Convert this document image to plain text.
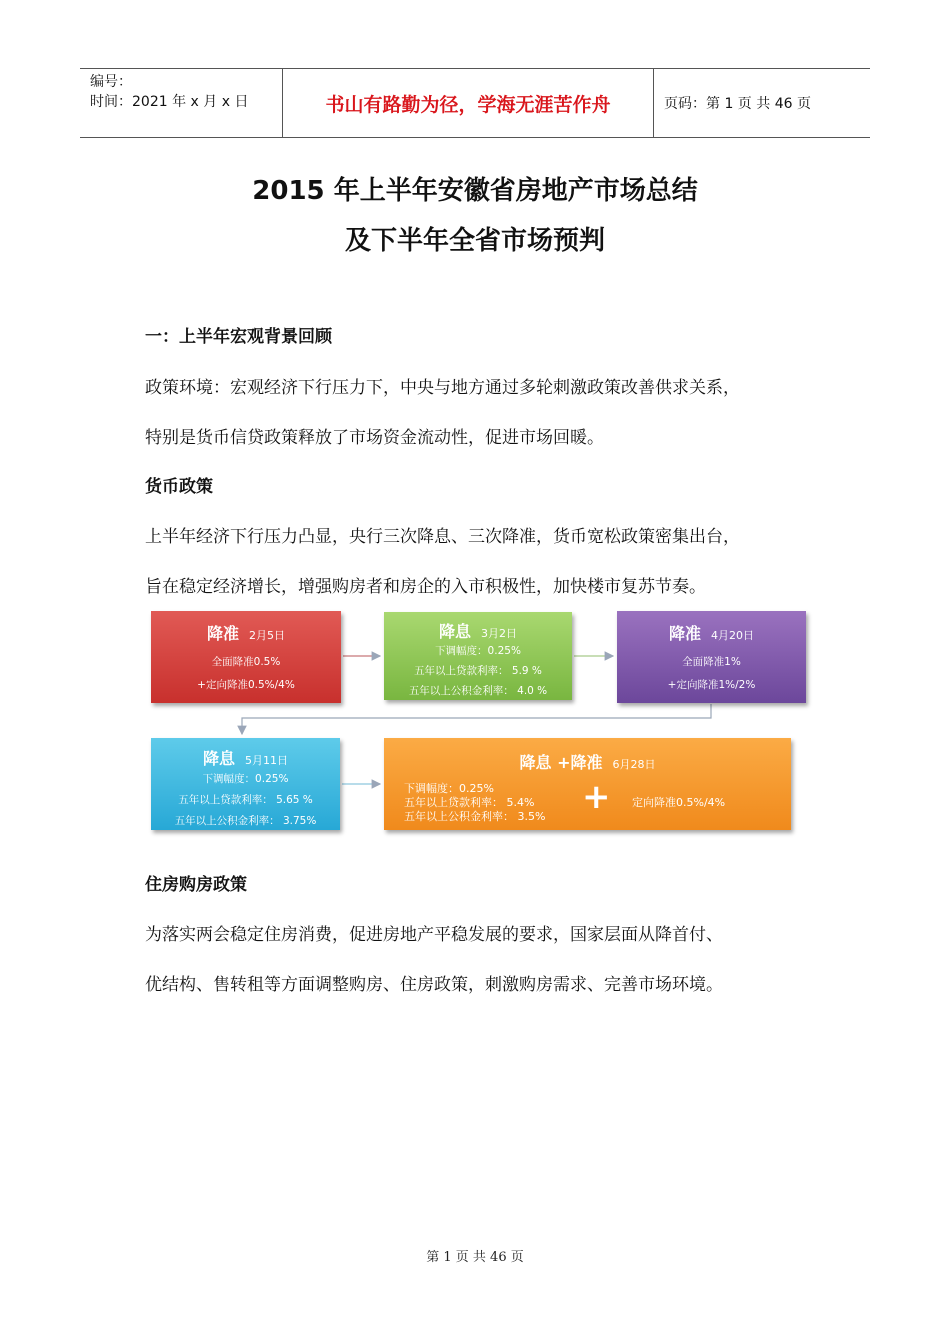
编号：
时间：2021 年 x 月 x 日	书山有路勤为径，学海无涯苦作舟	页码：第 1 页 共 46 页
2015 年上半年安徽省房地产市场总结
及下半年全省市场预判
一：上半年宏观背景回顾
政策环境：宏观经济下行压力下，中央与地方通过多轮刺激政策改善供求关系，
特别是货币信贷政策释放了市场资金流动性，促进市场回暖。
货币政策
上半年经济下行压力凸显，央行三次降息、三次降准，货币宽松政策密集出台，
旨在稳定经济增长，增强购房者和房企的入市积极性，加快楼市复苏节奏。
降准 2月5日
全面降准0.5%
+定向降准0.5%/4%
降息 3月2日
下调幅度：0.25%
五年以上贷款利率： 5.9 %
五年以上公积金利率： 4.0 %
降准 4月20日
全面降准1%
+定向降准1%/2%
降息 5月11日
下调幅度：0.25%
五年以上贷款利率： 5.65 %
五年以上公积金利率： 3.75%
降息 +降准 6月28日
下调幅度：0.25%
五年以上贷款利率： 5.4%
五年以上公积金利率： 3.5% + 定向降准0.5%/4%
住房购房政策
为落实两会稳定住房消费，促进房地产平稳发展的要求，国家层面从降首付、
优结构、售转租等方面调整购房、住房政策，刺激购房需求、完善市场环境。
第 1 页 共 46 页
